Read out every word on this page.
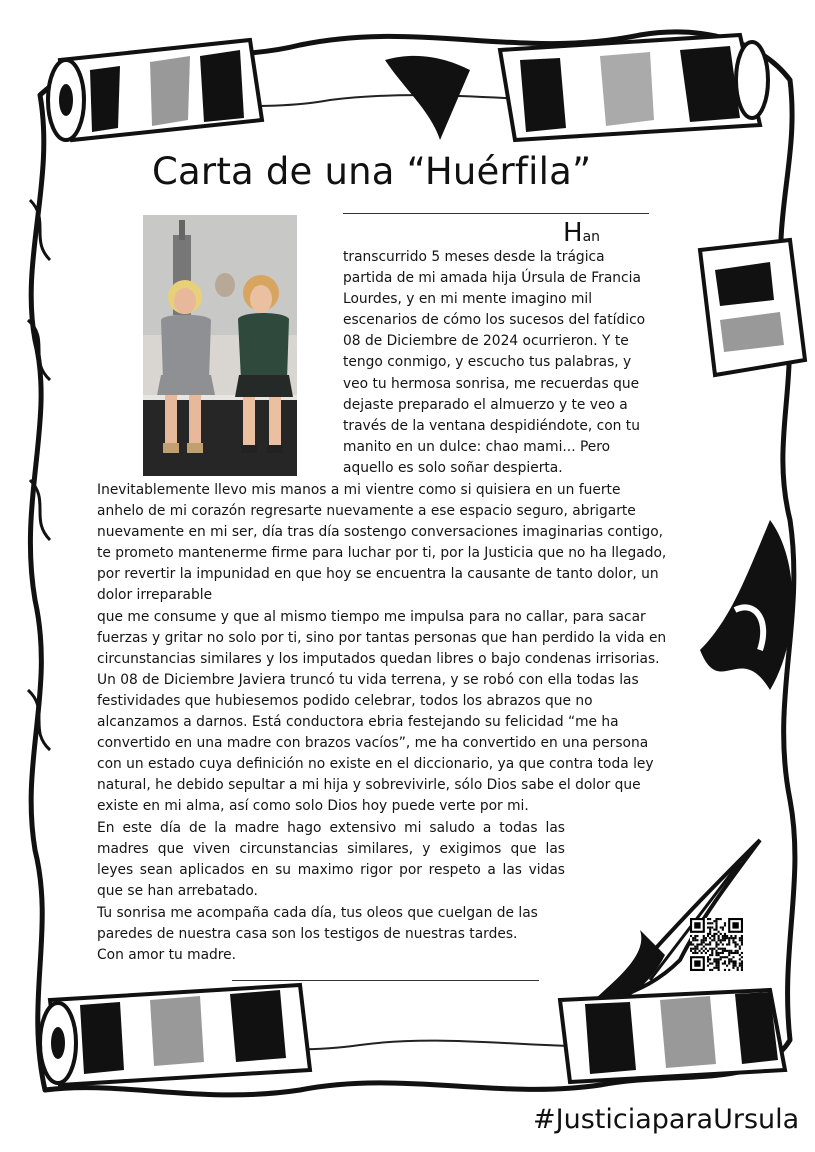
Carta de una “Huérfila”
Han

transcurrido 5 meses desde la trágica

partida de mi amada hija Úrsula de Francia

Lourdes, y en mi mente imagino mil

escenarios de cómo los sucesos del fatídico

08 de Diciembre de 2024 ocurrieron. Y te

tengo conmigo, y escucho tus palabras, y

veo tu hermosa sonrisa, me recuerdas que

dejaste preparado el almuerzo y te veo a

través de la ventana despidiéndote, con tu

manito en un dulce: chao mami... Pero

aquello es solo soñar despierta.

Inevitablemente llevo mis manos a mi vientre como si quisiera en un fuerte

anhelo de mi corazón regresarte nuevamente a ese espacio seguro, abrigarte

nuevamente en mi ser, día tras día sostengo conversaciones imaginarias contigo,

te prometo mantenerme firme para luchar por ti, por la Justicia que no ha llegado,

por revertir la impunidad en que hoy se encuentra la causante de tanto dolor, un

dolor irreparable

que me consume y que al mismo tiempo me impulsa para no callar, para sacar

fuerzas y gritar no solo por ti, sino por tantas personas que han perdido la vida en

circunstancias similares y los imputados quedan libres o bajo condenas irrisorias.

Un 08 de Diciembre Javiera truncó tu vida terrena, y se robó con ella todas las

festividades que hubiesemos podido celebrar, todos los abrazos que no

alcanzamos a darnos. Está conductora ebria festejando su felicidad “me ha

convertido en una madre con brazos vacíos”, me ha convertido en una persona

con un estado cuya definición no existe en el diccionario, ya que contra toda ley

natural, he debido sepultar a mi hija y sobrevivirle, sólo Dios sabe el dolor que

existe en mi alma, así como solo Dios hoy puede verte por mi.

En este día de la madre hago extensivo mi saludo a todas las

madres que viven circunstancias similares, y exigimos que las

leyes sean aplicados en su maximo rigor por respeto a las vidas

que se han arrebatado.

Tu sonrisa me acompaña cada día, tus oleos que cuelgan de las

paredes de nuestra casa son los testigos de nuestras tardes.

Con amor tu madre.

#JusticiaparaUrsula
